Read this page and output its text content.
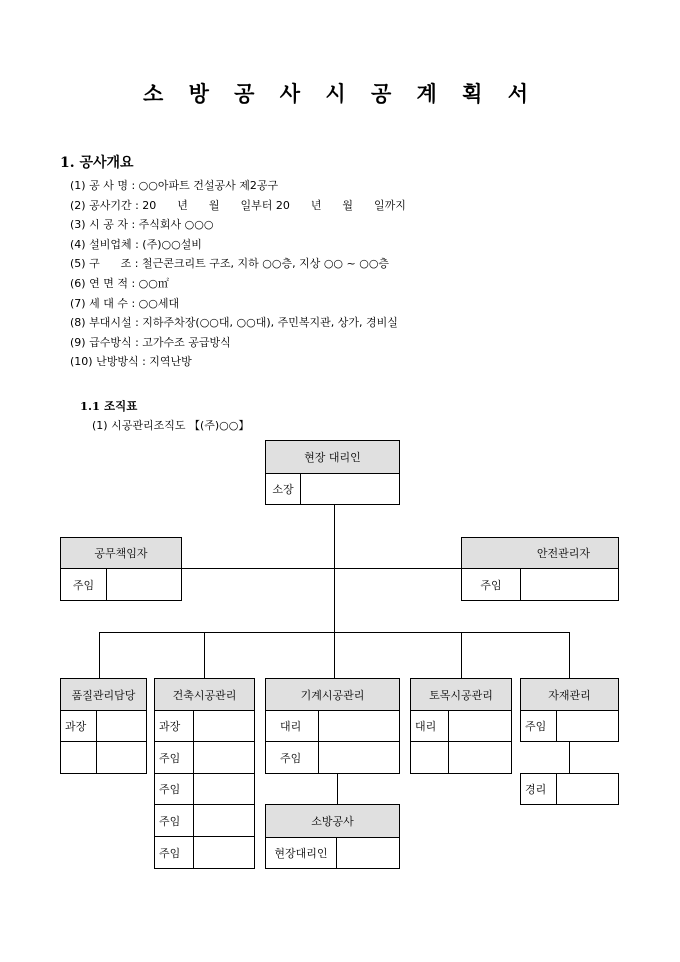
소 방 공 사 시 공 계 획 서
1. 공사개요
(1) 공 사 명 : ○○아파트 건설공사 제2공구
(2) 공사기간 : 20      년      월      일부터 20      년      월      일까지
(3) 시 공 자 : 주식회사 ○○○
(4) 설비업체 : (주)○○설비
(5) 구      조 : 철근콘크리트 구조, 지하 ○○층, 지상 ○○ ~ ○○층
(6) 연 면 적 : ○○㎡
(7) 세 대 수 : ○○세대
(8) 부대시설 : 지하주차장(○○대, ○○대), 주민복지관, 상가, 경비실
(9) 급수방식 : 고가수조 공급방식
(10) 난방방식 : 지역난방
1.1 조직표
(1) 시공관리조직도 【(주)○○】
현장 대리인
소장
공무책임자
주임
안전관리자
주임
품질관리담당
과장
건축시공관리
과장
주임
주임
주임
주임
기계시공관리
대리
주임
토목시공관리
대리
자재관리
주임
경리
소방공사
현장대리인
